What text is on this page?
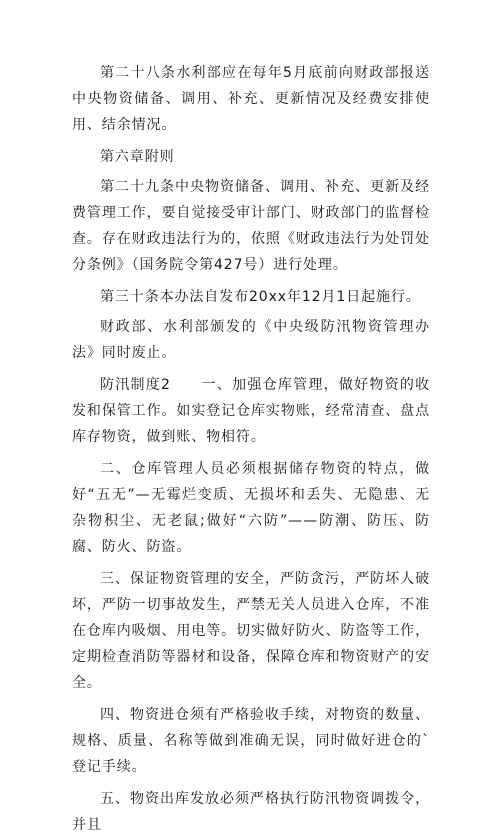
第二十八条水利部应在每年5月底前向财政部报送中央物资储备、调用、补充、更新情况及经费安排使用、结余情况。

第六章附则

第二十九条中央物资储备、调用、补充、更新及经费管理工作，要自觉接受审计部门、财政部门的监督检查。存在财政违法行为的，依照《财政违法行为处罚处分条例》（国务院令第427号）进行处理。

第三十条本办法自发布20xx年12月1日起施行。

财政部、水利部颁发的《中央级防汛物资管理办法》同时废止。

防汛制度2　　一、加强仓库管理，做好物资的收发和保管工作。如实登记仓库实物账，经常清查、盘点库存物资，做到账、物相符。

二、仓库管理人员必须根据储存物资的特点，做好“五无”—无霉烂变质、无损坏和丢失、无隐患、无杂物积尘、无老鼠;做好“六防”——防潮、防压、防腐、防火、防盗。

三、保证物资管理的安全，严防贪污，严防坏人破坏，严防一切事故发生，严禁无关人员进入仓库，不准在仓库内吸烟、用电等。切实做好防火、防盗等工作，定期检查消防等器材和设备，保障仓库和物资财产的安全。

四、物资进仓须有严格验收手续，对物资的数量、规格、质量、名称等做到准确无误，同时做好进仓的`登记手续。

五、物资出库发放必须严格执行防汛物资调拨令，并且
